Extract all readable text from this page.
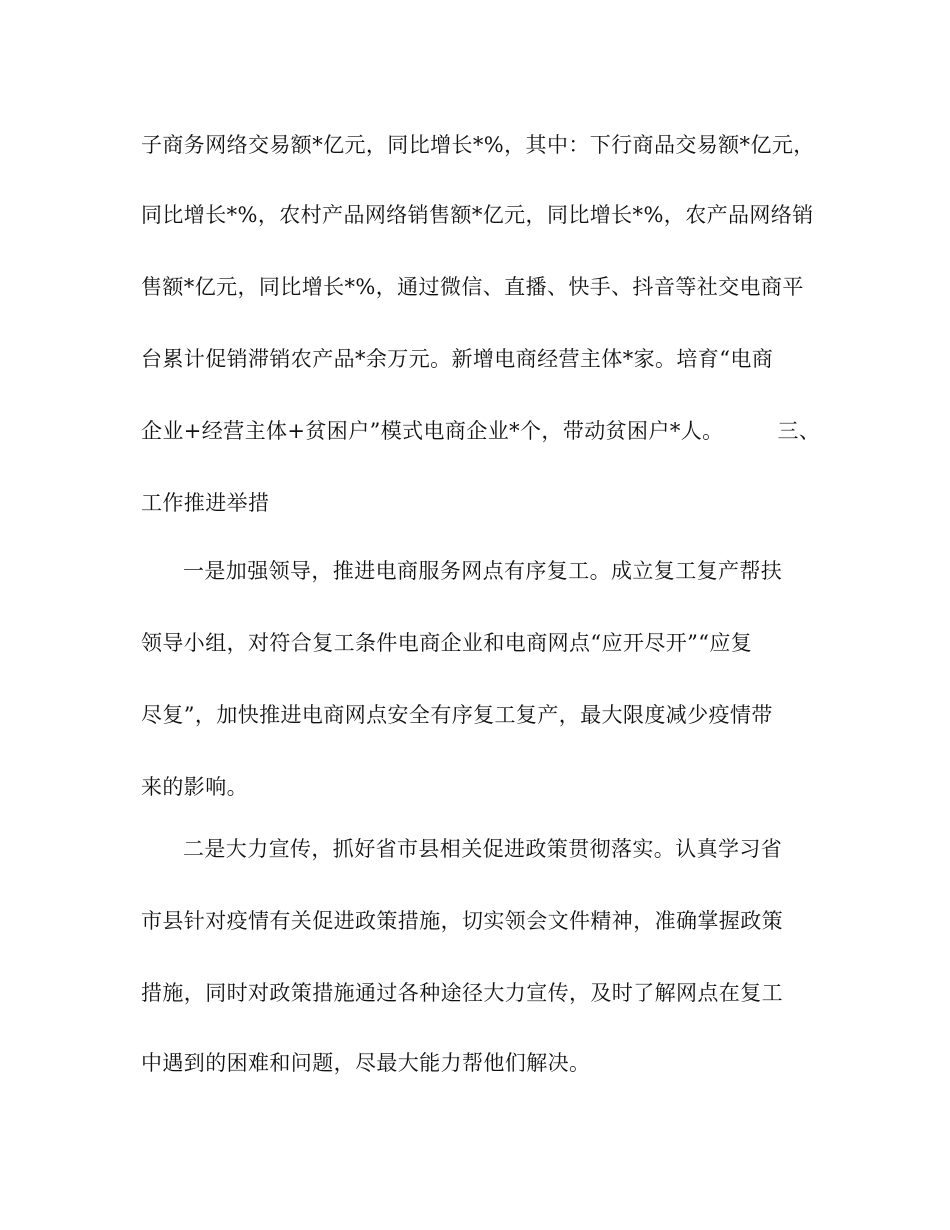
子商务网络交易额*亿元，同比增长*%，其中：下行商品交易额*亿元，
同比增长*%，农村产品网络销售额*亿元，同比增长*%，农产品网络销
售额*亿元，同比增长*%，通过微信、直播、快手、抖音等社交电商平
台累计促销滞销农产品*余万元。新增电商经营主体*家。培育“电商
企业+经营主体+贫困户”模式电商企业*个，带动贫困户*人。	三、
工作推进举措
一是加强领导，推进电商服务网点有序复工。成立复工复产帮扶
领导小组，对符合复工条件电商企业和电商网点“应开尽开”“应复
尽复”，加快推进电商网点安全有序复工复产，最大限度减少疫情带
来的影响。
二是大力宣传，抓好省市县相关促进政策贯彻落实。认真学习省
市县针对疫情有关促进政策措施，切实领会文件精神，准确掌握政策
措施，同时对政策措施通过各种途径大力宣传，及时了解网点在复工
中遇到的困难和问题，尽最大能力帮他们解决。
